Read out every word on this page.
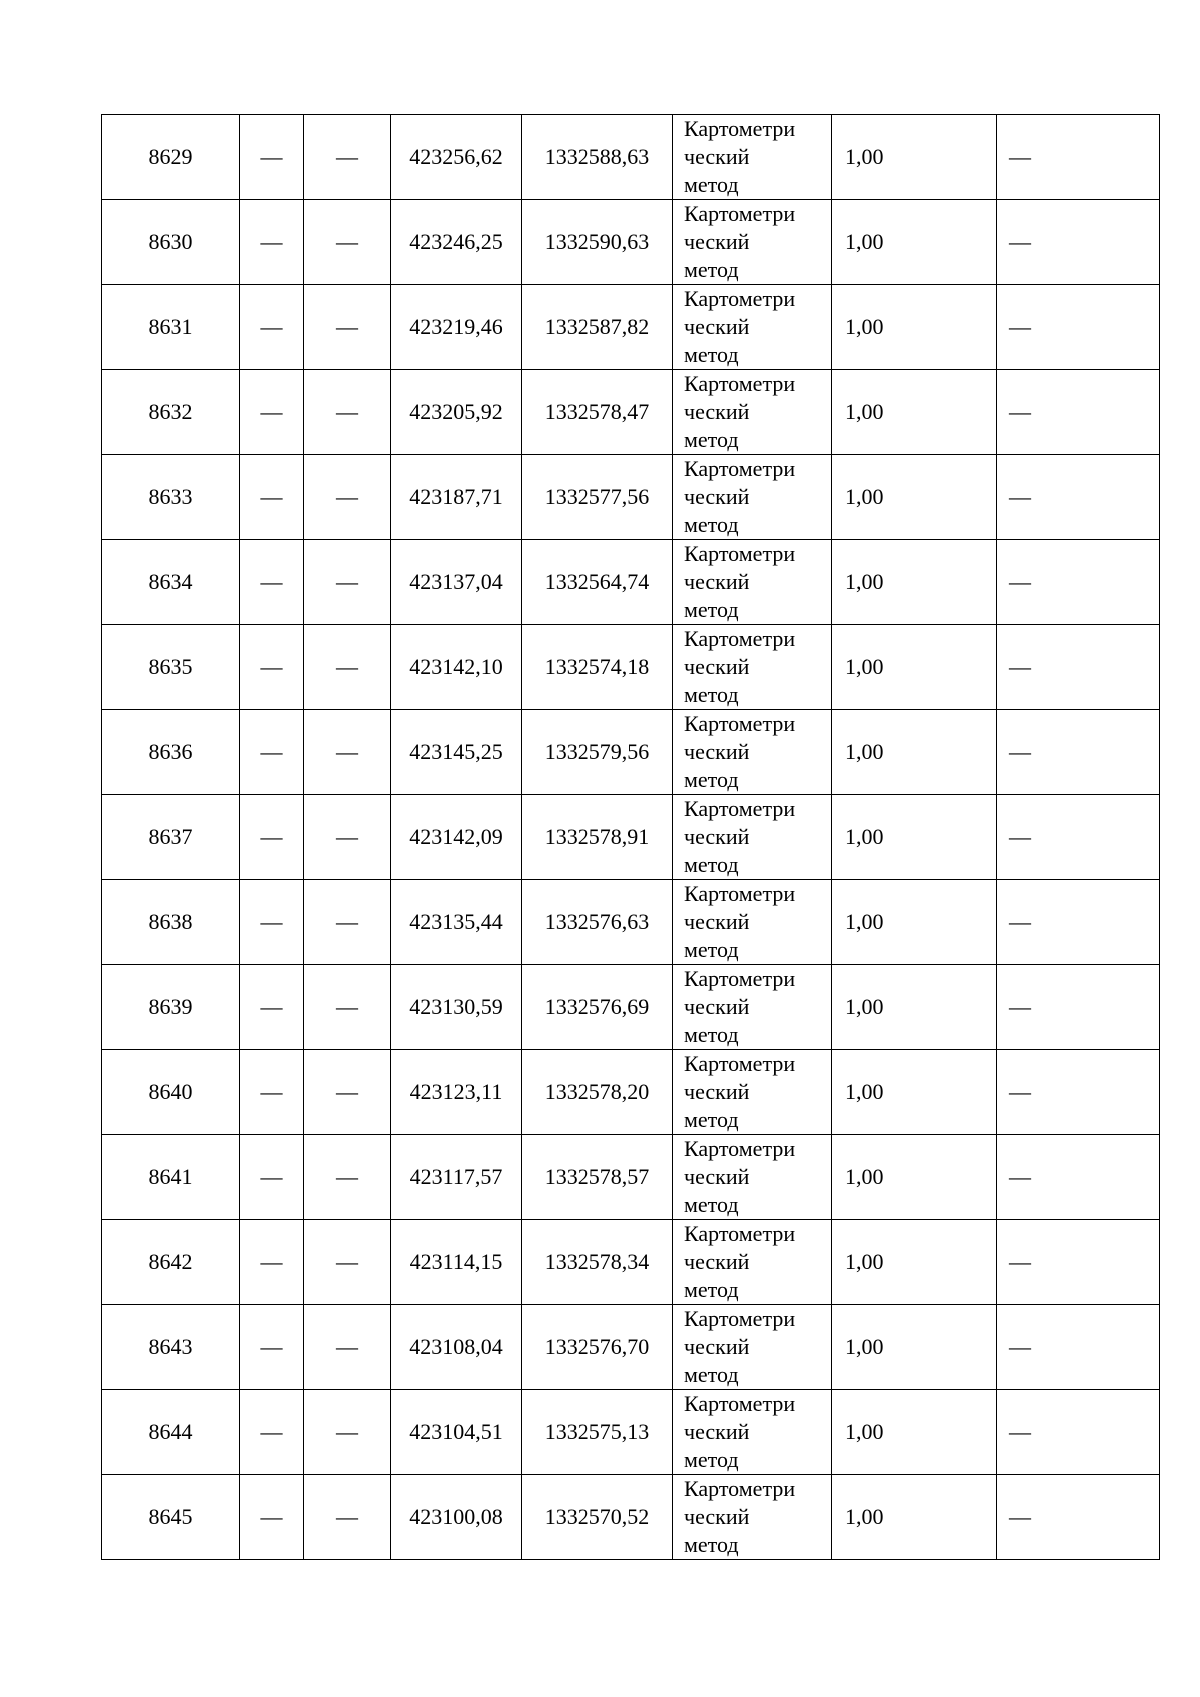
8629	—	—	423256,62	1332588,63	Картометри
ческий
метод	1,00	—
8630	—	—	423246,25	1332590,63	Картометри
ческий
метод	1,00	—
8631	—	—	423219,46	1332587,82	Картометри
ческий
метод	1,00	—
8632	—	—	423205,92	1332578,47	Картометри
ческий
метод	1,00	—
8633	—	—	423187,71	1332577,56	Картометри
ческий
метод	1,00	—
8634	—	—	423137,04	1332564,74	Картометри
ческий
метод	1,00	—
8635	—	—	423142,10	1332574,18	Картометри
ческий
метод	1,00	—
8636	—	—	423145,25	1332579,56	Картометри
ческий
метод	1,00	—
8637	—	—	423142,09	1332578,91	Картометри
ческий
метод	1,00	—
8638	—	—	423135,44	1332576,63	Картометри
ческий
метод	1,00	—
8639	—	—	423130,59	1332576,69	Картометри
ческий
метод	1,00	—
8640	—	—	423123,11	1332578,20	Картометри
ческий
метод	1,00	—
8641	—	—	423117,57	1332578,57	Картометри
ческий
метод	1,00	—
8642	—	—	423114,15	1332578,34	Картометри
ческий
метод	1,00	—
8643	—	—	423108,04	1332576,70	Картометри
ческий
метод	1,00	—
8644	—	—	423104,51	1332575,13	Картометри
ческий
метод	1,00	—
8645	—	—	423100,08	1332570,52	Картометри
ческий
метод	1,00	—
